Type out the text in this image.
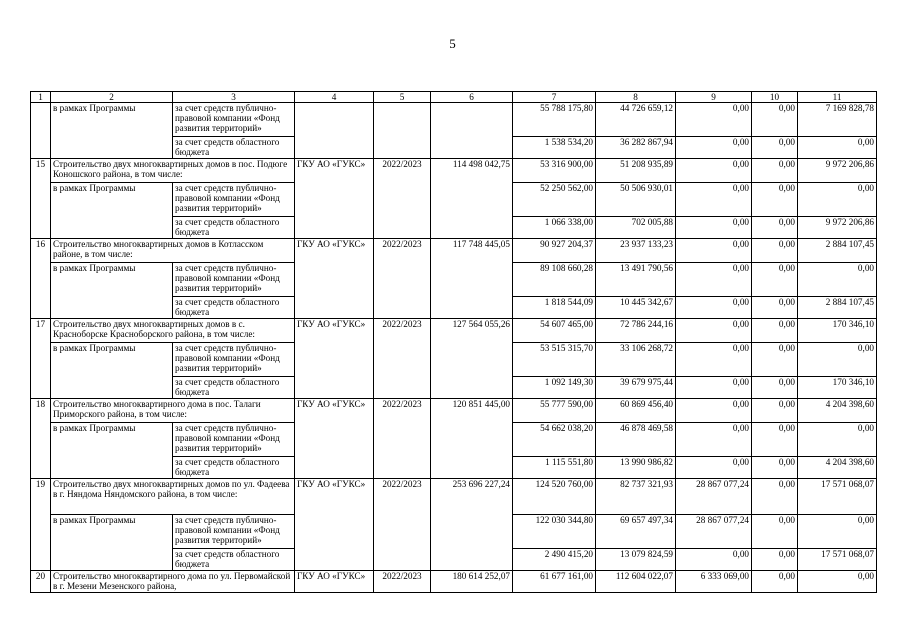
5
1	2	3	4	5	6	7	8	9	10	11
	в рамках Программы	за счет средств публично-правовой компании «Фонд развития территорий»				55 788 175,80	44 726 659,12	0,00	0,00	7 169 828,78
		за счет средств областного бюджета				1 538 534,20	36 282 867,94	0,00	0,00	0,00
15	Строительство двух многоквартирных домов в пос. Подюге Коношского района, в том числе:		ГКУ АО «ГУКС»	2022/2023	114 498 042,75	53 316 900,00	51 208 935,89	0,00	0,00	9 972 206,86
	в рамках Программы	за счет средств публично-правовой компании «Фонд развития территорий»				52 250 562,00	50 506 930,01	0,00	0,00	0,00
		за счет средств областного бюджета				1 066 338,00	702 005,88	0,00	0,00	9 972 206,86
16	Строительство многоквартирных домов в Котласском районе, в том числе:		ГКУ АО «ГУКС»	2022/2023	117 748 445,05	90 927 204,37	23 937 133,23	0,00	0,00	2 884 107,45
	в рамках Программы	за счет средств публично-правовой компании «Фонд развития территорий»				89 108 660,28	13 491 790,56	0,00	0,00	0,00
		за счет средств областного бюджета				1 818 544,09	10 445 342,67	0,00	0,00	2 884 107,45
17	Строительство двух многоквартирных домов в с. Красноборске Красноборского района, в том числе:		ГКУ АО «ГУКС»	2022/2023	127 564 055,26	54 607 465,00	72 786 244,16	0,00	0,00	170 346,10
	в рамках Программы	за счет средств публично-правовой компании «Фонд развития территорий»				53 515 315,70	33 106 268,72	0,00	0,00	0,00
		за счет средств областного бюджета				1 092 149,30	39 679 975,44	0,00	0,00	170 346,10
18	Строительство многоквартирного дома в пос. Талаги Приморского района, в том числе:		ГКУ АО «ГУКС»	2022/2023	120 851 445,00	55 777 590,00	60 869 456,40	0,00	0,00	4 204 398,60
	в рамках Программы	за счет средств публично-правовой компании «Фонд развития территорий»				54 662 038,20	46 878 469,58	0,00	0,00	0,00
		за счет средств областного бюджета				1 115 551,80	13 990 986,82	0,00	0,00	4 204 398,60
19	Строительство двух многоквартирных домов по ул. Фадеева в г. Няндома Няндомского района, в том числе:		ГКУ АО «ГУКС»	2022/2023	253 696 227,24	124 520 760,00	82 737 321,93	28 867 077,24	0,00	17 571 068,07
	в рамках Программы	за счет средств публично-правовой компании «Фонд развития территорий»				122 030 344,80	69 657 497,34	28 867 077,24	0,00	0,00
		за счет средств областного бюджета				2 490 415,20	13 079 824,59	0,00	0,00	17 571 068,07
20	Строительство многоквартирного дома по ул. Первомайской в г. Мезени Мезенского района,		ГКУ АО «ГУКС»	2022/2023	180 614 252,07	61 677 161,00	112 604 022,07	6 333 069,00	0,00	0,00
